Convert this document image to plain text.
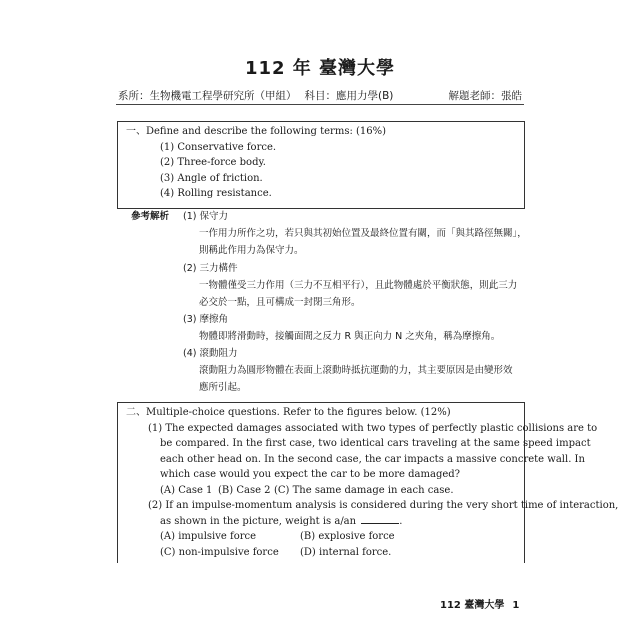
112 年 臺灣大學
系所：生物機電工程學研究所（甲組） 科目：應用力學(B)	解題老師：張皓
一、Define and describe the following terms: (16%)
(1) Conservative force.
(2) Three-force body.
(3) Angle of friction.
(4) Rolling resistance.
參考解析 (1) 保守力
一作用力所作之功，若只與其初始位置及最終位置有關，而「與其路徑無關」，
則稱此作用力為保守力。
(2) 三力構件
一物體僅受三力作用（三力不互相平行），且此物體處於平衡狀態，則此三力
必交於一點，且可構成一封閉三角形。
(3) 摩擦角
物體即將滑動時，接觸面間之反力 R 與正向力 N 之夾角，稱為摩擦角。
(4) 滾動阻力
滾動阻力為圓形物體在表面上滾動時抵抗運動的力，其主要原因是由變形效
應所引起。
二、Multiple-choice questions. Refer to the figures below. (12%)
(1) The expected damages associated with two types of perfectly plastic collisions are to
be compared. In the first case, two identical cars traveling at the same speed impact
each other head on. In the second case, the car impacts a massive concrete wall. In
which case would you expect the car to be more damaged?
(A) Case 1 (B) Case 2 (C) The same damage in each case.
(2) If an impulse-momentum analysis is considered during the very short time of interaction,
as shown in the picture, weight is a/an	.
(A) impulsive force	(B) explosive force
(C) non-impulsive force	(D) internal force.
112 臺灣大學 1
